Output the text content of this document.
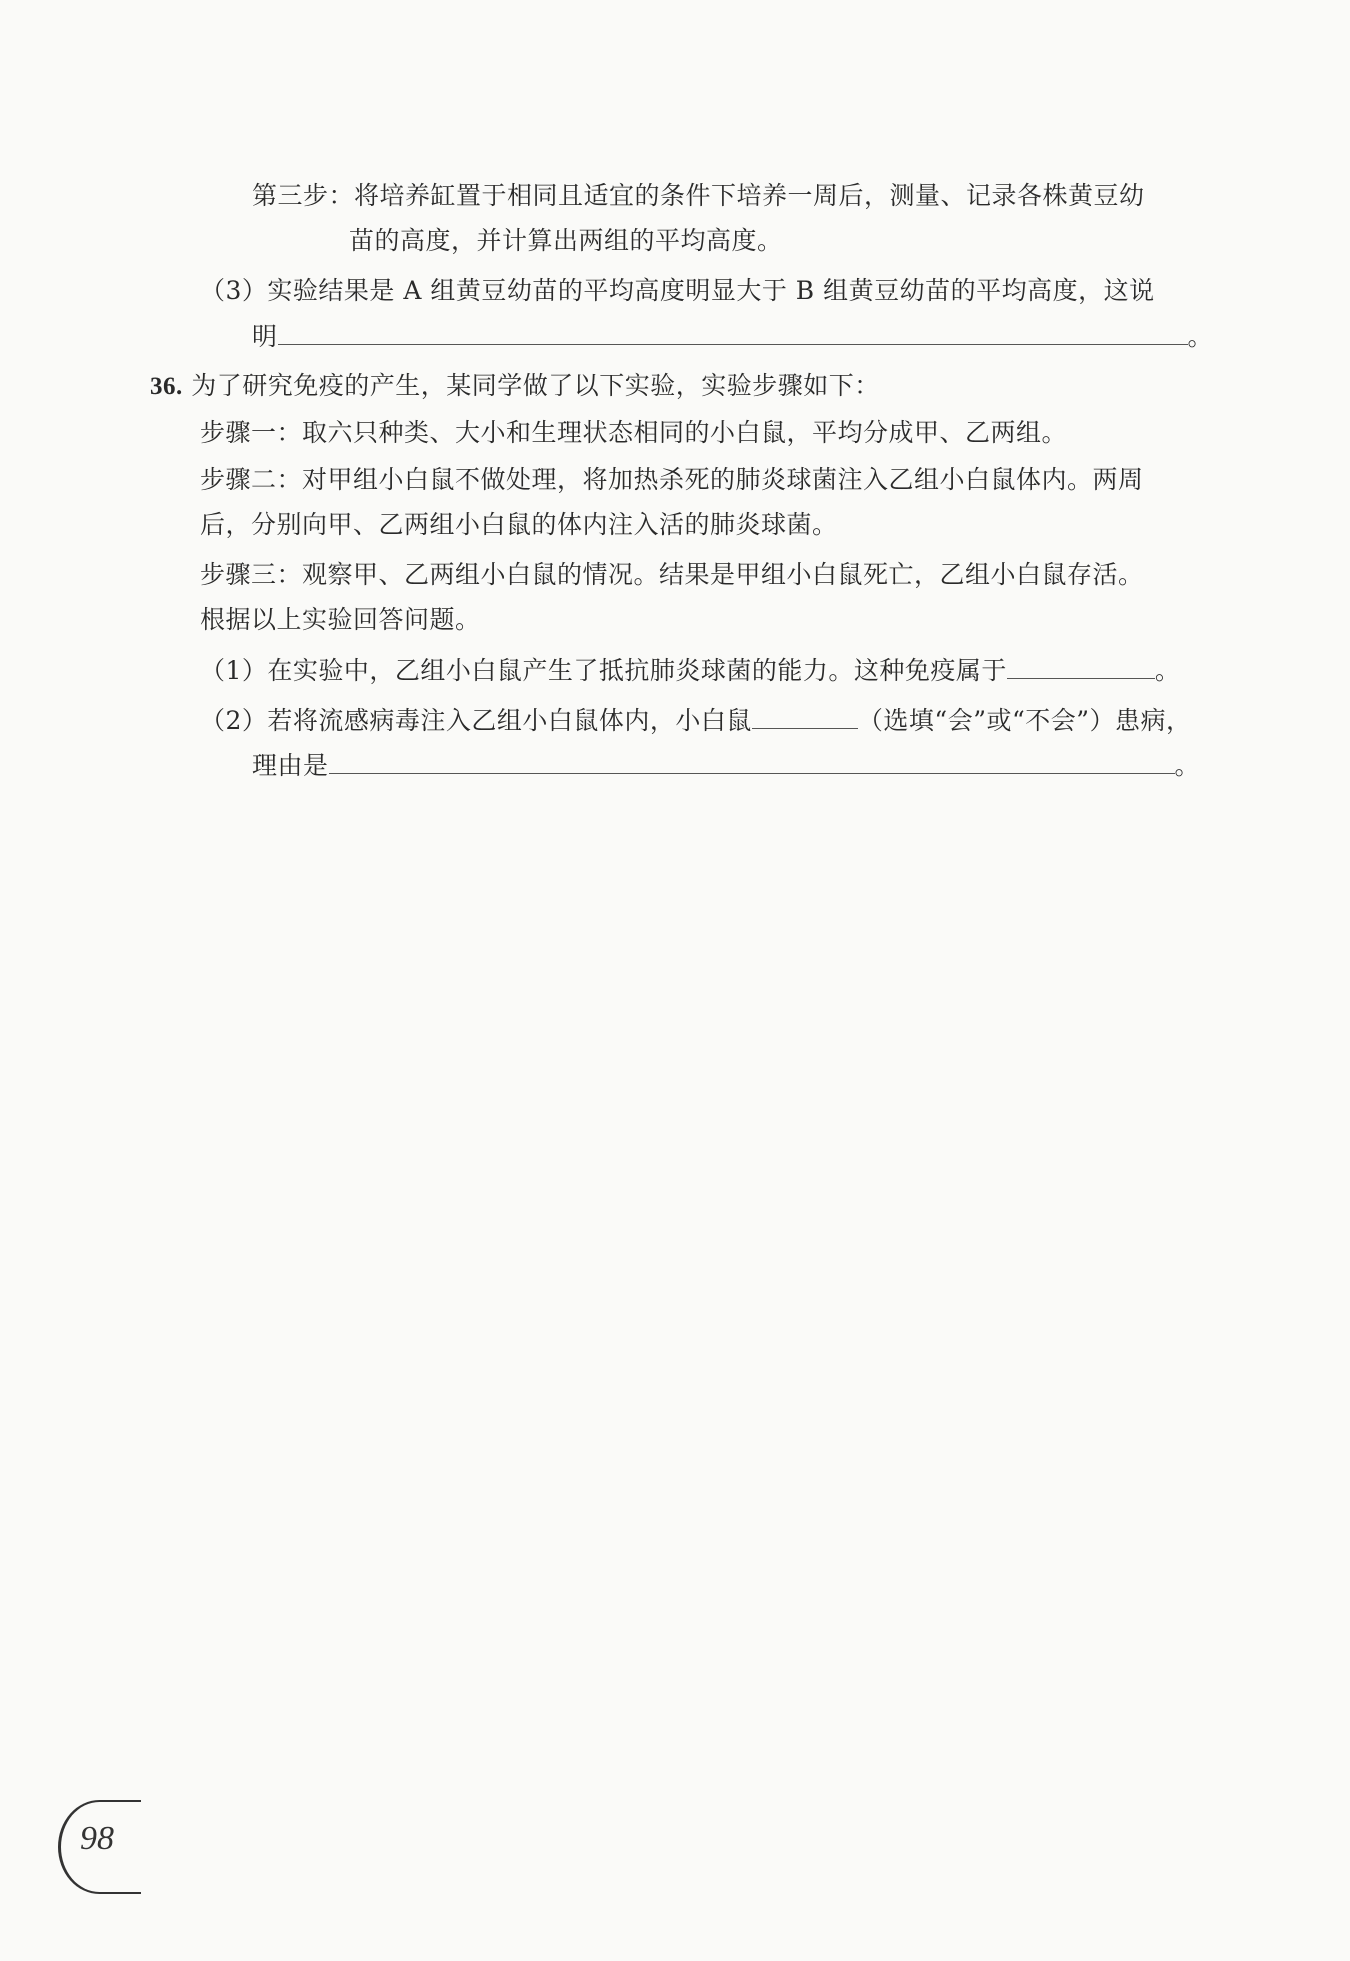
第三步：将培养缸置于相同且适宜的条件下培养一周后，测量、记录各株黄豆幼
苗的高度，并计算出两组的平均高度。
（3）实验结果是 A 组黄豆幼苗的平均高度明显大于 B 组黄豆幼苗的平均高度，这说
明	。
36. 为了研究免疫的产生，某同学做了以下实验，实验步骤如下：
步骤一：取六只种类、大小和生理状态相同的小白鼠，平均分成甲、乙两组。
步骤二：对甲组小白鼠不做处理，将加热杀死的肺炎球菌注入乙组小白鼠体内。两周
后，分别向甲、乙两组小白鼠的体内注入活的肺炎球菌。
步骤三：观察甲、乙两组小白鼠的情况。结果是甲组小白鼠死亡，乙组小白鼠存活。
根据以上实验回答问题。
（1）在实验中，乙组小白鼠产生了抵抗肺炎球菌的能力。这种免疫属于	。
（2）若将流感病毒注入乙组小白鼠体内，小白鼠	（选填“会”或“不会”）患病，
理由是	。
98
